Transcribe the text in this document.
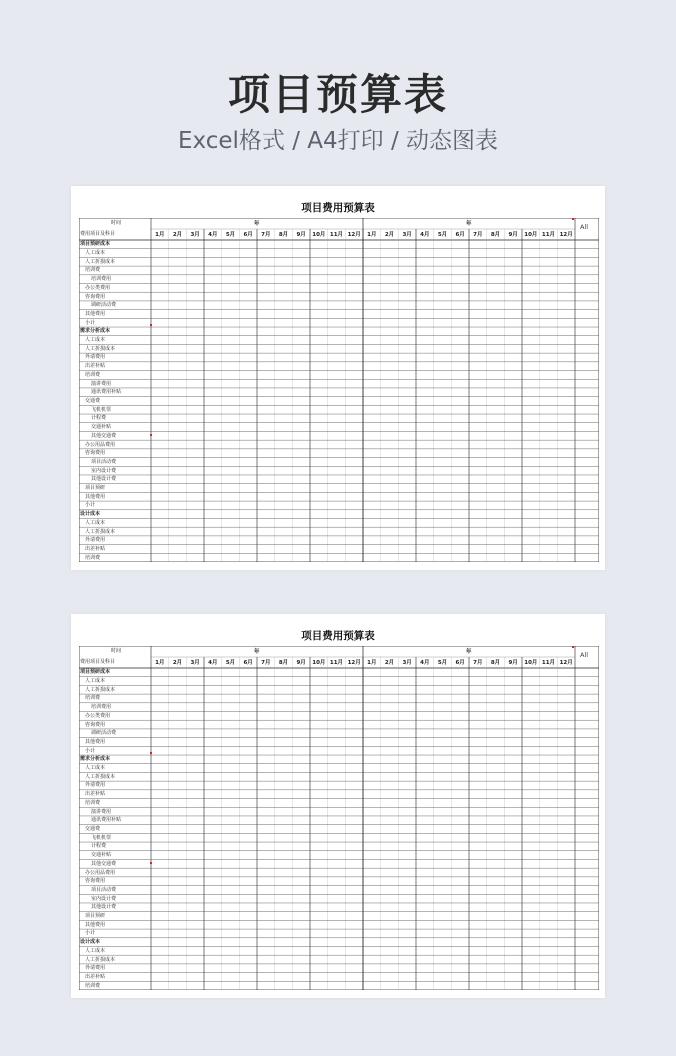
项目预算表
Excel格式 / A4打印 / 动态图表
项目费用预算表
时间
费用项目及科目
年	年	All
1月	2月	3月	4月	5月	6月	7月	8月	9月	10月 11月 12月	1月	2月	3月	4月	5月	6月	7月	8月	9月	10月 11月 12月
项目预研成本
人工成本
人工折损成本
培训费
培训费用
办公类费用
咨询费用
调研活动费
其他费用
小计
需求分析成本
人工成本
人工折损成本
外请费用
出差补贴
培训费
演讲费用
通讯费用补贴
交通费
飞机机票
计程费
交通补贴
其他交通费
办公用品费用
咨询费用
项目活动费
室内设计费
其他设计费
项目预研
其他费用
小计
设计成本
人工成本
人工折损成本
外请费用
出差补贴
培训费
项目费用预算表
时间
费用项目及科目
年	年	All
1月	2月	3月	4月	5月	6月	7月	8月	9月	10月 11月 12月	1月	2月	3月	4月	5月	6月	7月	8月	9月	10月 11月 12月
项目预研成本
人工成本
人工折损成本
培训费
培训费用
办公类费用
咨询费用
调研活动费
其他费用
小计
需求分析成本
人工成本
人工折损成本
外请费用
出差补贴
培训费
演讲费用
通讯费用补贴
交通费
飞机机票
计程费
交通补贴
其他交通费
办公用品费用
咨询费用
项目活动费
室内设计费
其他设计费
项目预研
其他费用
小计
设计成本
人工成本
人工折损成本
外请费用
出差补贴
培训费
